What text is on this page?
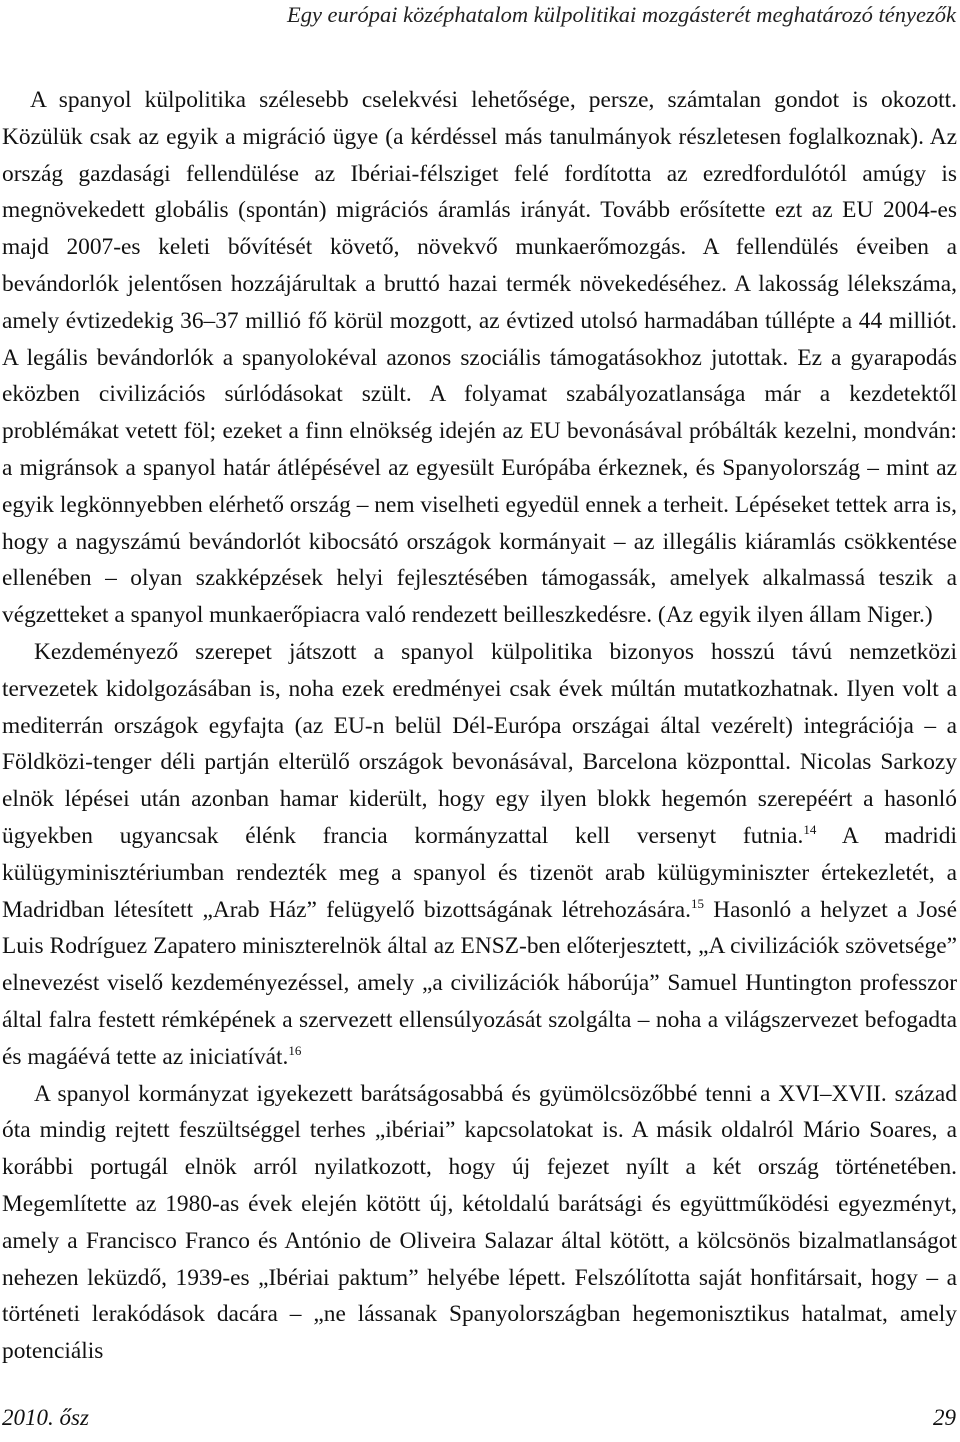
Egy európai középhatalom külpolitikai mozgásterét meghatározó tényezők

A spanyol külpolitika szélesebb cselekvési lehetősége, persze, számtalan gondot is okozott. Közülük csak az egyik a migráció ügye (a kérdéssel más tanulmányok részletesen foglalkoznak). Az ország gazdasági fellendülése az Ibériai-félsziget felé fordította az ezredfordulótól amúgy is megnövekedett globális (spontán) migrációs áramlás irányát. Tovább erősítette ezt az EU 2004-es majd 2007-es keleti bővítését követő, növekvő munkaerőmozgás. A fellendülés éveiben a bevándorlók jelentősen hozzájárultak a bruttó hazai termék növekedéséhez. A lakosság lélekszáma, amely évtizedekig 36–37 millió fő körül mozgott, az évtized utolsó harmadában túllépte a 44 milliót. A legális bevándorlók a spanyolokéval azonos szociális támogatásokhoz jutottak. Ez a gyarapodás eközben civilizációs súrlódásokat szült. A folyamat szabályozatlansága már a kezdetektől problémákat vetett föl; ezeket a finn elnökség idején az EU bevonásával próbálták kezelni, mondván: a migránsok a spanyol határ átlépésével az egyesült Európába érkeznek, és Spanyolország – mint az egyik legkönnyebben elérhető ország – nem viselheti egyedül ennek a terheit. Lépéseket tettek arra is, hogy a nagyszámú bevándorlót kibocsátó országok kormányait – az illegális kiáramlás csökkentése ellenében – olyan szakképzések helyi fejlesztésében támogassák, amelyek alkalmassá teszik a végzetteket a spanyol munkaerőpiacra való rendezett beilleszkedésre. (Az egyik ilyen állam Niger.)

Kezdeményező szerepet játszott a spanyol külpolitika bizonyos hosszú távú nemzetközi tervezetek kidolgozásában is, noha ezek eredményei csak évek múltán mutatkozhatnak. Ilyen volt a mediterrán országok egyfajta (az EU-n belül Dél-Európa országai által vezérelt) integrációja – a Földközi-tenger déli partján elterülő országok bevonásával, Barcelona központtal. Nicolas Sarkozy elnök lépései után azonban hamar kiderült, hogy egy ilyen blokk hegemón szerepéért a hasonló ügyekben ugyancsak élénk francia kormányzattal kell versenyt futnia.$^{14}$ A madridi külügyminisztériumban rendezték meg a spanyol és tizenöt arab külügyminiszter értekezletét, a Madridban létesített „Arab Ház” felügyelő bizottságának létrehozására.$^{15}$ Hasonló a helyzet a José Luis Rodríguez Zapatero miniszterelnök által az ENSZ-ben előterjesztett, „A civilizációk szövetsége” elnevezést viselő kezdeményezéssel, amely „a civilizációk háborúja” Samuel Huntington professzor által falra festett rémképének a szervezett ellensúlyozását szolgálta – noha a világszervezet befogadta és magáévá tette az iniciatívát.$^{16}$

A spanyol kormányzat igyekezett barátságosabbá és gyümölcsözőbbé tenni a XVI–XVII. század óta mindig rejtett feszültséggel terhes „ibériai” kapcsolatokat is. A másik oldalról Mário Soares, a korábbi portugál elnök arról nyilatkozott, hogy új fejezet nyílt a két ország történetében. Megemlítette az 1980-as évek elején kötött új, kétoldalú barátsági és együttműködési egyezményt, amely a Francisco Franco és António de Oliveira Salazar által kötött, a kölcsönös bizalmatlanságot nehezen leküzdő, 1939-es „Ibériai paktum” helyébe lépett. Felszólította saját honfitársait, hogy – a történeti lerakódások dacára – „ne lássanak Spanyolországban hegemonisztikus hatalmat, amely potenciális

2010. ősz	29
